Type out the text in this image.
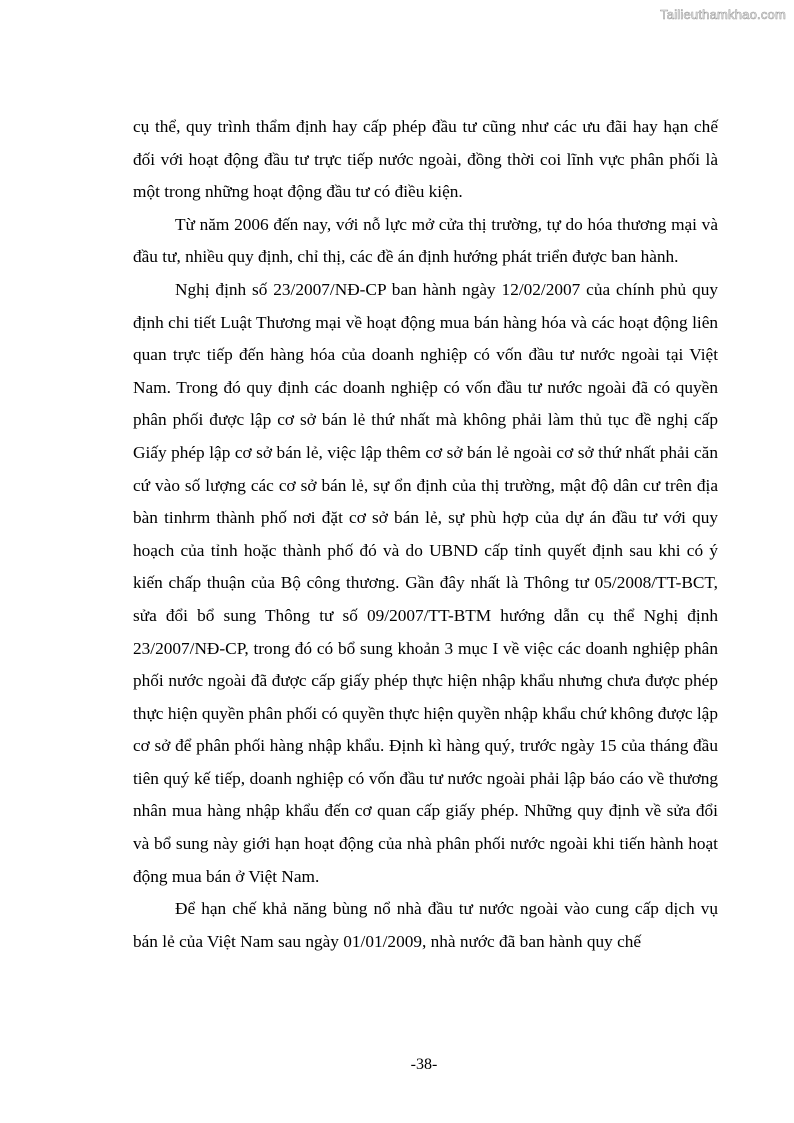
Tailieuthamkhao.com

cụ thể, quy trình thẩm định hay cấp phép đầu tư cũng như các ưu đãi hay hạn chế đối với hoạt động đầu tư trực tiếp nước ngoài, đồng thời coi lĩnh vực phân phối là một trong những hoạt động đầu tư có điều kiện.

Từ năm 2006 đến nay, với nỗ lực mở cửa thị trường, tự do hóa thương mại và đầu tư, nhiều quy định, chỉ thị, các đề án định hướng phát triển được ban hành.

Nghị định số 23/2007/NĐ-CP ban hành ngày 12/02/2007 của chính phủ quy định chi tiết Luật Thương mại về hoạt động mua bán hàng hóa và các hoạt động liên quan trực tiếp đến hàng hóa của doanh nghiệp có vốn đầu tư nước ngoài tại Việt Nam. Trong đó quy định các doanh nghiệp có vốn đầu tư nước ngoài đã có quyền phân phối được lập cơ sở bán lẻ thứ nhất mà không phải làm thủ tục đề nghị cấp Giấy phép lập cơ sở bán lẻ, việc lập thêm cơ sở bán lẻ ngoài cơ sở thứ nhất phải căn cứ vào số lượng các cơ sở bán lẻ, sự ổn định của thị trường, mật độ dân cư trên địa bàn tinhrm thành phố nơi đặt cơ sở bán lẻ, sự phù hợp của dự án đầu tư với quy hoạch của tỉnh hoặc thành phố đó và do UBND cấp tỉnh quyết định sau khi có ý kiến chấp thuận của Bộ công thương. Gần đây nhất là Thông tư 05/2008/TT-BCT, sửa đổi bổ sung Thông tư số 09/2007/TT-BTM hướng dẫn cụ thể Nghị định 23/2007/NĐ-CP, trong đó có bổ sung khoản 3 mục I về việc các doanh nghiệp phân phối nước ngoài đã được cấp giấy phép thực hiện nhập khẩu nhưng chưa được phép thực hiện quyền phân phối có quyền thực hiện quyền nhập khẩu chứ không được lập cơ sở để phân phối hàng nhập khẩu. Định kì hàng quý, trước ngày 15 của tháng đầu tiên quý kế tiếp, doanh nghiệp có vốn đầu tư nước ngoài phải lập báo cáo về thương nhân mua hàng nhập khẩu đến cơ quan cấp giấy phép. Những quy định về sửa đổi và bổ sung này giới hạn hoạt động của nhà phân phối nước ngoài khi tiến hành hoạt động mua bán ở Việt Nam.

Để hạn chế khả năng bùng nổ nhà đầu tư nước ngoài vào cung cấp dịch vụ bán lẻ của Việt Nam sau ngày 01/01/2009, nhà nước đã ban hành quy chế

-38-
